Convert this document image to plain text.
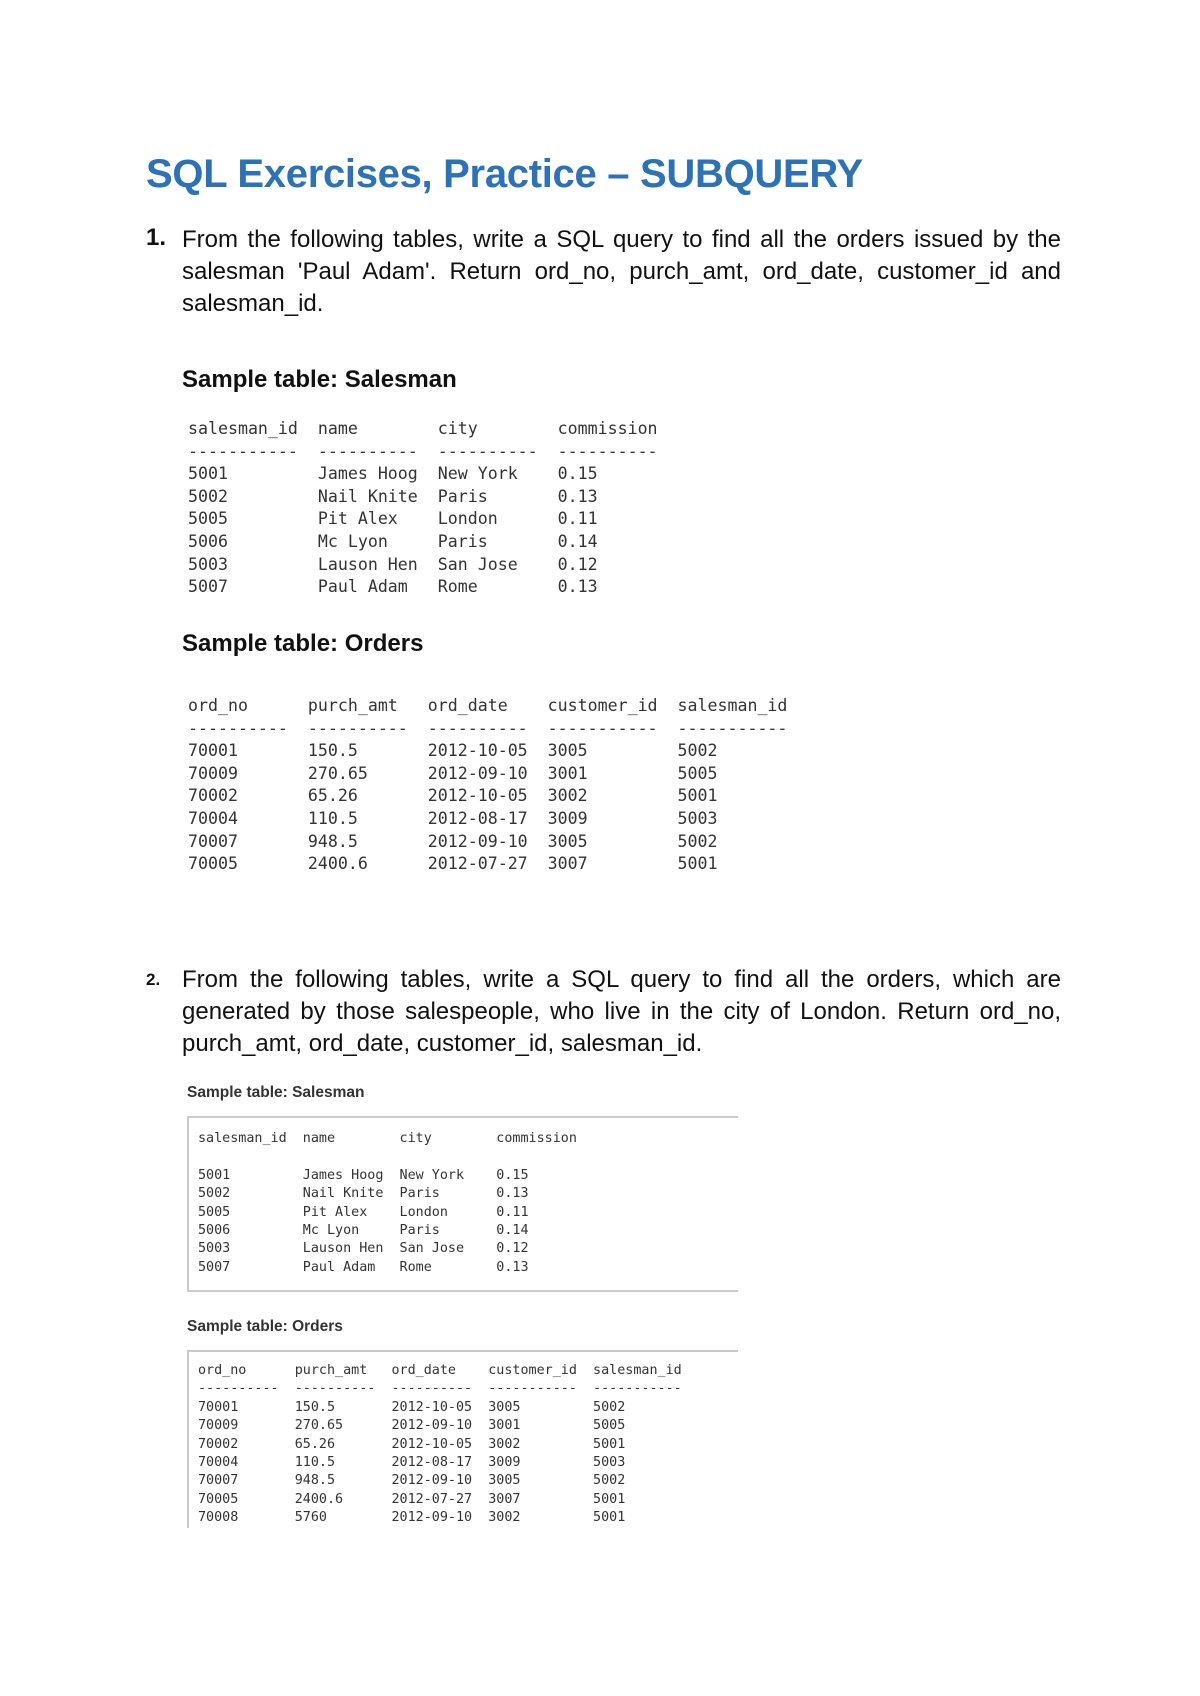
SQL Exercises, Practice – SUBQUERY
1. From the following tables, write a SQL query to find all the orders issued by the salesman 'Paul Adam'. Return ord_no, purch_amt, ord_date, customer_id and salesman_id.
Sample table: Salesman
salesman_id  name        city        commission
-----------  ----------  ----------  ----------
5001         James Hoog  New York    0.15
5002         Nail Knite  Paris       0.13
5005         Pit Alex    London      0.11
5006         Mc Lyon     Paris       0.14
5003         Lauson Hen  San Jose    0.12
5007         Paul Adam   Rome        0.13
Sample table: Orders
ord_no      purch_amt   ord_date    customer_id  salesman_id
----------  ----------  ----------  -----------  -----------
70001       150.5       2012-10-05  3005         5002
70009       270.65      2012-09-10  3001         5005
70002       65.26       2012-10-05  3002         5001
70004       110.5       2012-08-17  3009         5003
70007       948.5       2012-09-10  3005         5002
70005       2400.6      2012-07-27  3007         5001
2. From the following tables, write a SQL query to find all the orders, which are generated by those salespeople, who live in the city of London. Return ord_no, purch_amt, ord_date, customer_id, salesman_id.
Sample table: Salesman
salesman_id  name        city        commission

5001         James Hoog  New York    0.15
5002         Nail Knite  Paris       0.13
5005         Pit Alex    London      0.11
5006         Mc Lyon     Paris       0.14
5003         Lauson Hen  San Jose    0.12
5007         Paul Adam   Rome        0.13
Sample table: Orders
ord_no      purch_amt   ord_date    customer_id  salesman_id
----------  ----------  ----------  -----------  -----------
70001       150.5       2012-10-05  3005         5002
70009       270.65      2012-09-10  3001         5005
70002       65.26       2012-10-05  3002         5001
70004       110.5       2012-08-17  3009         5003
70007       948.5       2012-09-10  3005         5002
70005       2400.6      2012-07-27  3007         5001
70008       5760        2012-09-10  3002         5001
